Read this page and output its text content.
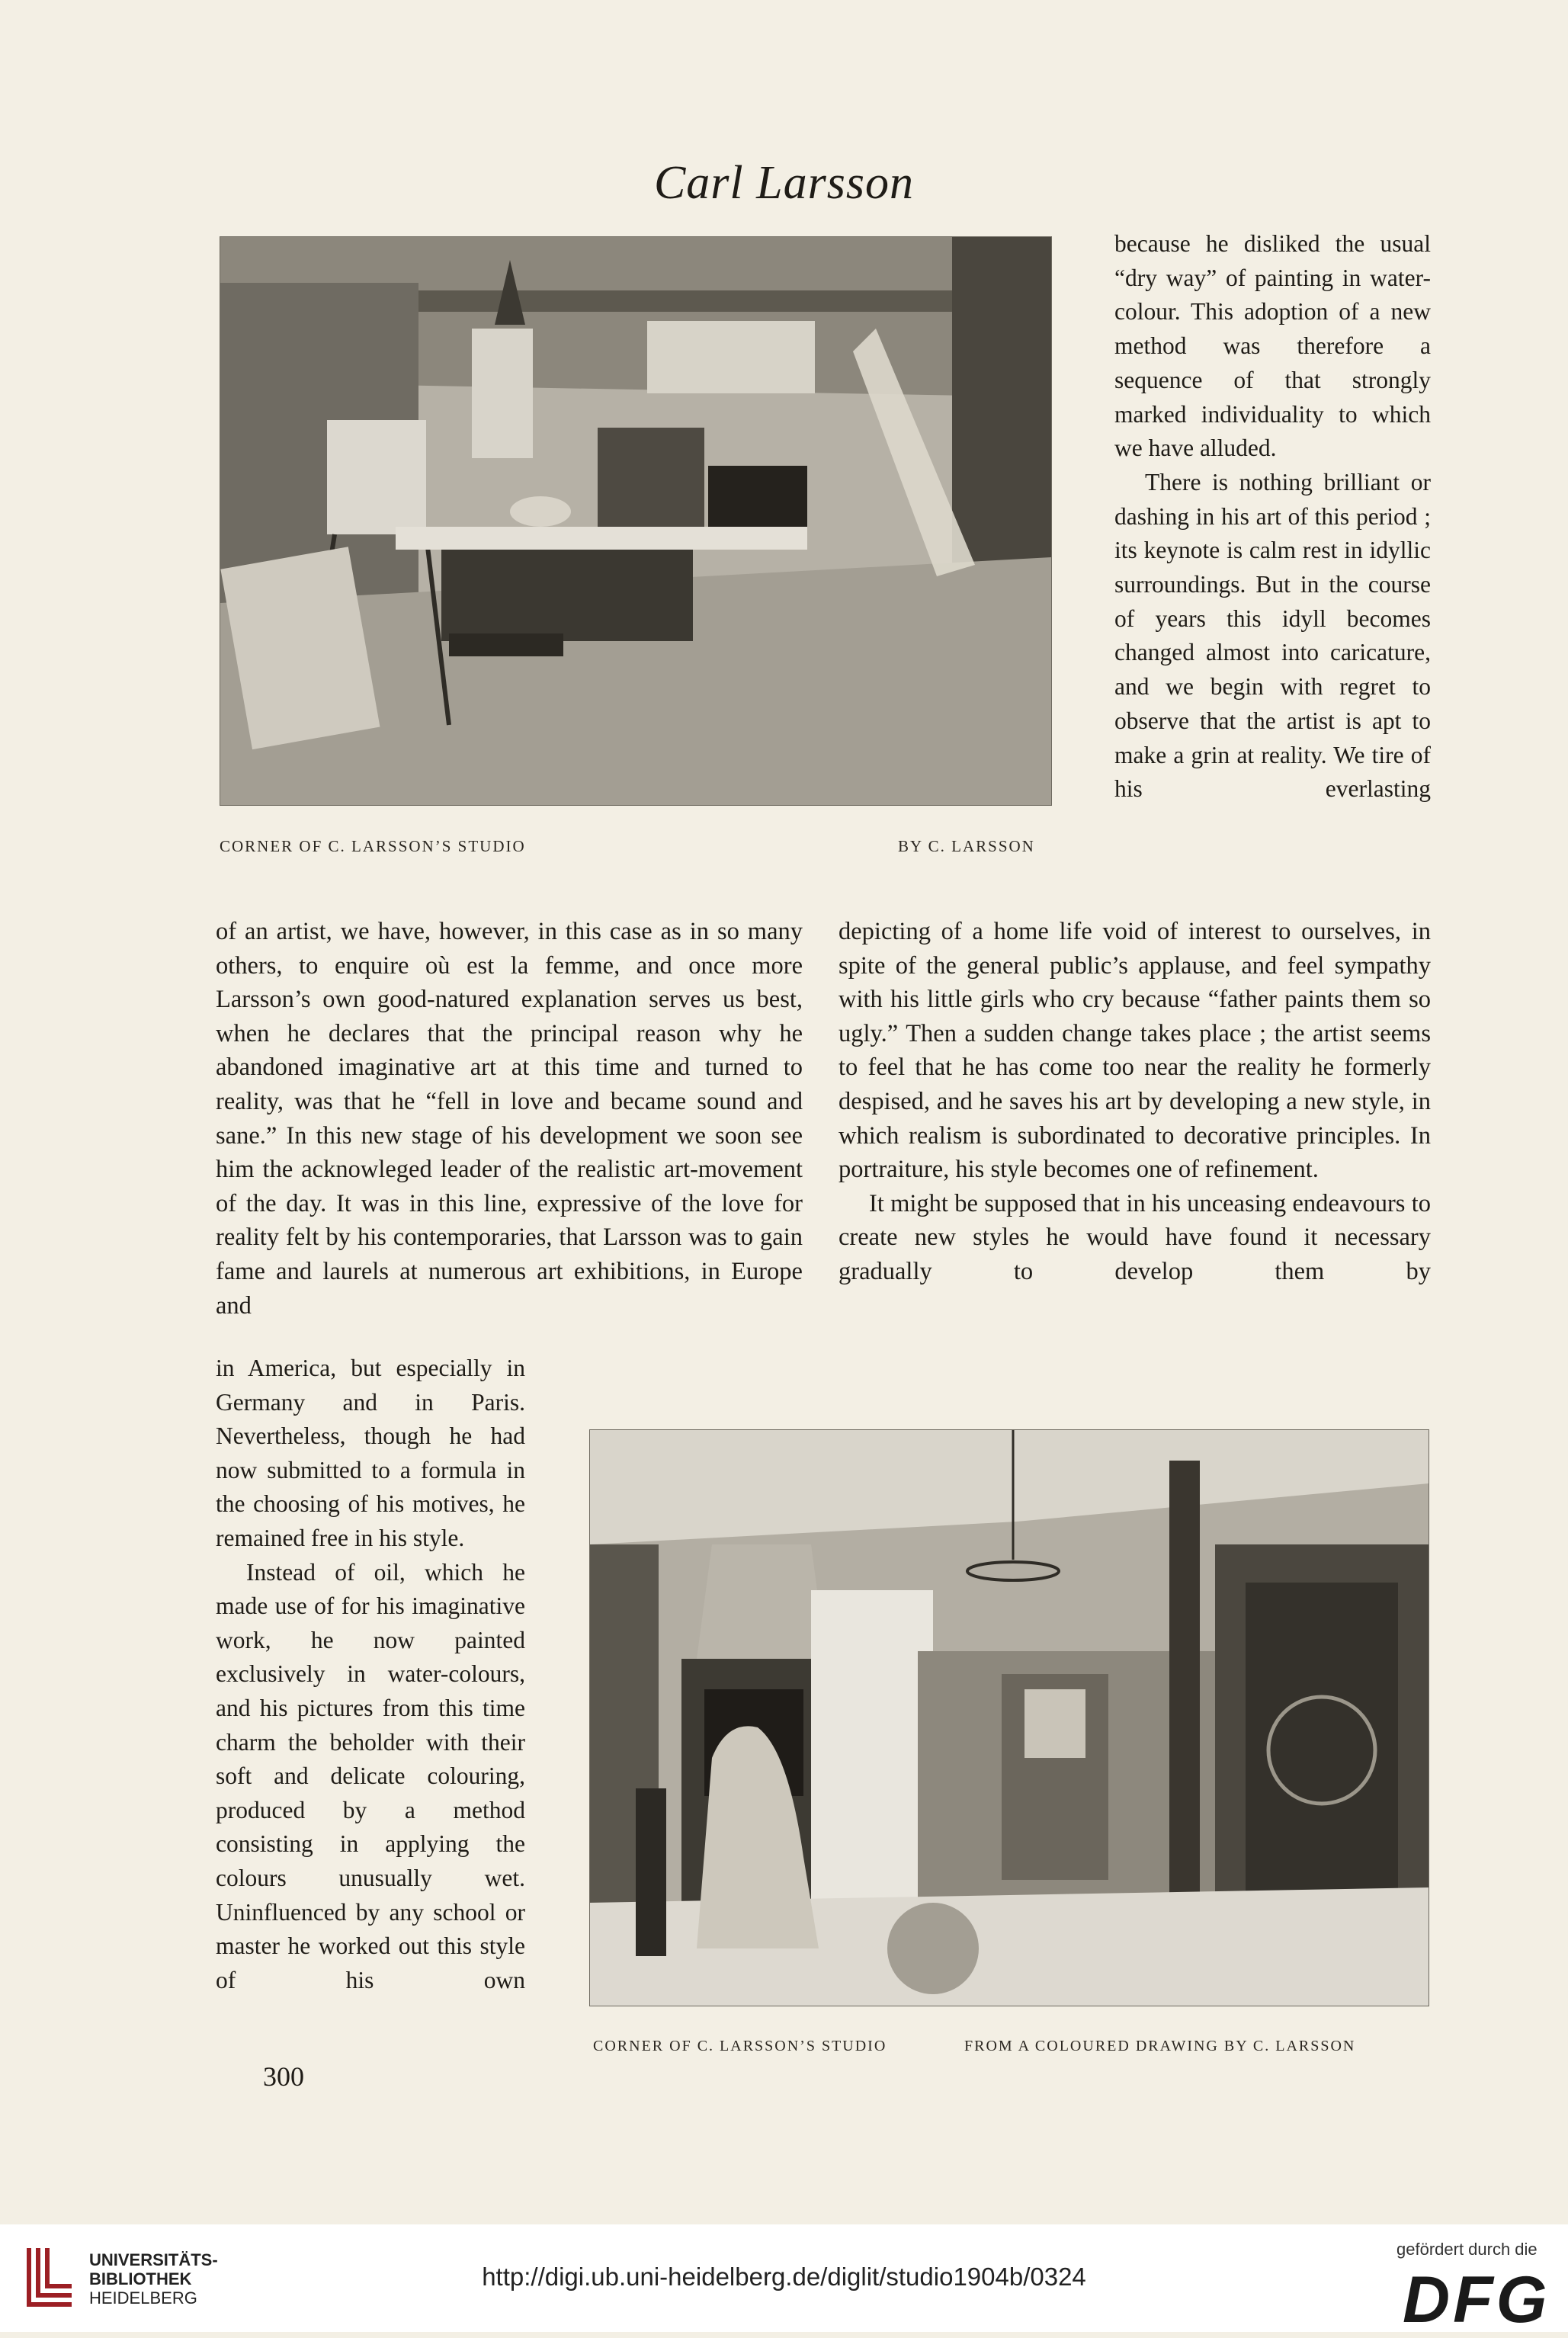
Carl Larsson
CORNER OF C. LARSSON’S STUDIO	BY C. LARSSON

because he disliked the usual “dry way” of painting in water-colour. This adoption of a new method was therefore a sequence of that strongly marked individuality to which we have alluded.

There is nothing brilliant or dashing in his art of this period ; its keynote is calm rest in idyllic surroundings. But in the course of years this idyll becomes changed almost into caricature, and we begin with regret to observe that the artist is apt to make a grin at reality. We tire of his everlasting

of an artist, we have, however, in this case as in so many others, to enquire où est la femme, and once more Larsson’s own good-natured explanation serves us best, when he declares that the principal reason why he abandoned imaginative art at this time and turned to reality, was that he “fell in love and became sound and sane.” In this new stage of his development we soon see him the acknowleged leader of the realistic art-movement of the day. It was in this line, expressive of the love for reality felt by his contemporaries, that Larsson was to gain fame and laurels at numerous art exhibitions, in Europe and

depicting of a home life void of interest to ourselves, in spite of the general public’s applause, and feel sympathy with his little girls who cry because “father paints them so ugly.” Then a sudden change takes place ; the artist seems to feel that he has come too near the reality he formerly despised, and he saves his art by developing a new style, in which realism is subordinated to decorative principles. In portraiture, his style becomes one of refinement.

It might be supposed that in his unceasing endeavours to create new styles he would have found it necessary gradually to develop them by

in America, but especially in Germany and in Paris. Nevertheless, though he had now submitted to a formula in the choosing of his motives, he remained free in his style.

Instead of oil, which he made use of for his imaginative work, he now painted exclusively in water-colours, and his pictures from this time charm the beholder with their soft and delicate colouring, produced by a method consisting in applying the colours unusually wet. Uninfluenced by any school or master he worked out this style of his own

CORNER OF C. LARSSON’S STUDIO	FROM A COLOURED DRAWING BY C. LARSSON
300
UNIVERSITÄTS-
BIBLIOTHEK
HEIDELBERG
http://digi.ub.uni-heidelberg.de/diglit/studio1904b/0324
gefördert durch die
DFG
